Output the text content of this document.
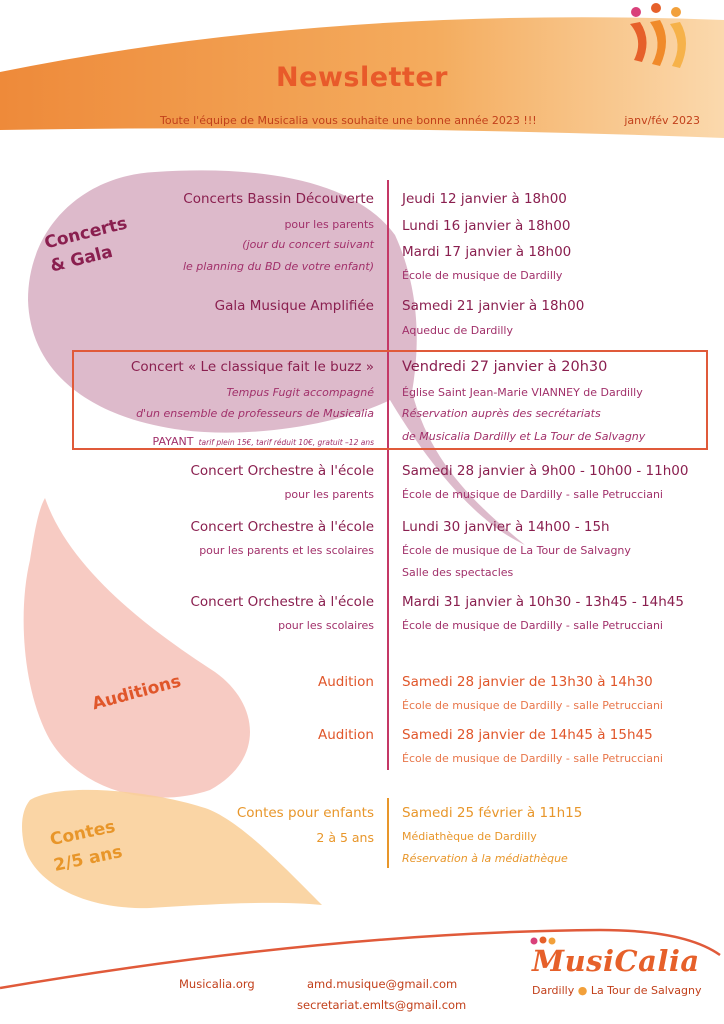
Newsletter
Toute l'équipe de Musicalia vous souhaite une bonne année 2023 !!!	janv/fév 2023
Concerts
& Gala
Auditions
Contes
2/5 ans
Concerts Bassin Découverte
pour les parents
(jour du concert suivant
le planning du BD de votre enfant)
Jeudi 12 janvier à 18h00
Lundi 16 janvier à 18h00
Mardi 17 janvier à 18h00
École de musique de Dardilly
Gala Musique Amplifiée Samedi 21 janvier à 18h00
Aqueduc de Dardilly
Concert « Le classique fait le buzz »
Tempus Fugit accompagné
d'un ensemble de professeurs de Musicalia
PAYANT tarif plein 15€, tarif réduit 10€, gratuit –12 ans
Vendredi 27 janvier à 20h30
Église Saint Jean-Marie VIANNEY de Dardilly
Réservation auprès des secrétariats
de Musicalia Dardilly et La Tour de Salvagny
Concert Orchestre à l'école
pour les parents
Samedi 28 janvier à 9h00 - 10h00 - 11h00
École de musique de Dardilly - salle Petrucciani
Concert Orchestre à l'école
pour les parents et les scolaires
Lundi 30 janvier à 14h00 - 15h
École de musique de La Tour de Salvagny
Salle des spectacles
Concert Orchestre à l'école
pour les scolaires
Mardi 31 janvier à 10h30 - 13h45 - 14h45
École de musique de Dardilly - salle Petrucciani
Audition Samedi 28 janvier de 13h30 à 14h30
École de musique de Dardilly - salle Petrucciani
Audition Samedi 28 janvier de 14h45 à 15h45
École de musique de Dardilly - salle Petrucciani
Contes pour enfants
2 à 5 ans
Samedi 25 février à 11h15
Médiathèque de Dardilly
Réservation à la médiathèque
MusiCalia
Dardilly ● La Tour de Salvagny
Musicalia.org	amd.musique@gmail.com
secretariat.emlts@gmail.com
